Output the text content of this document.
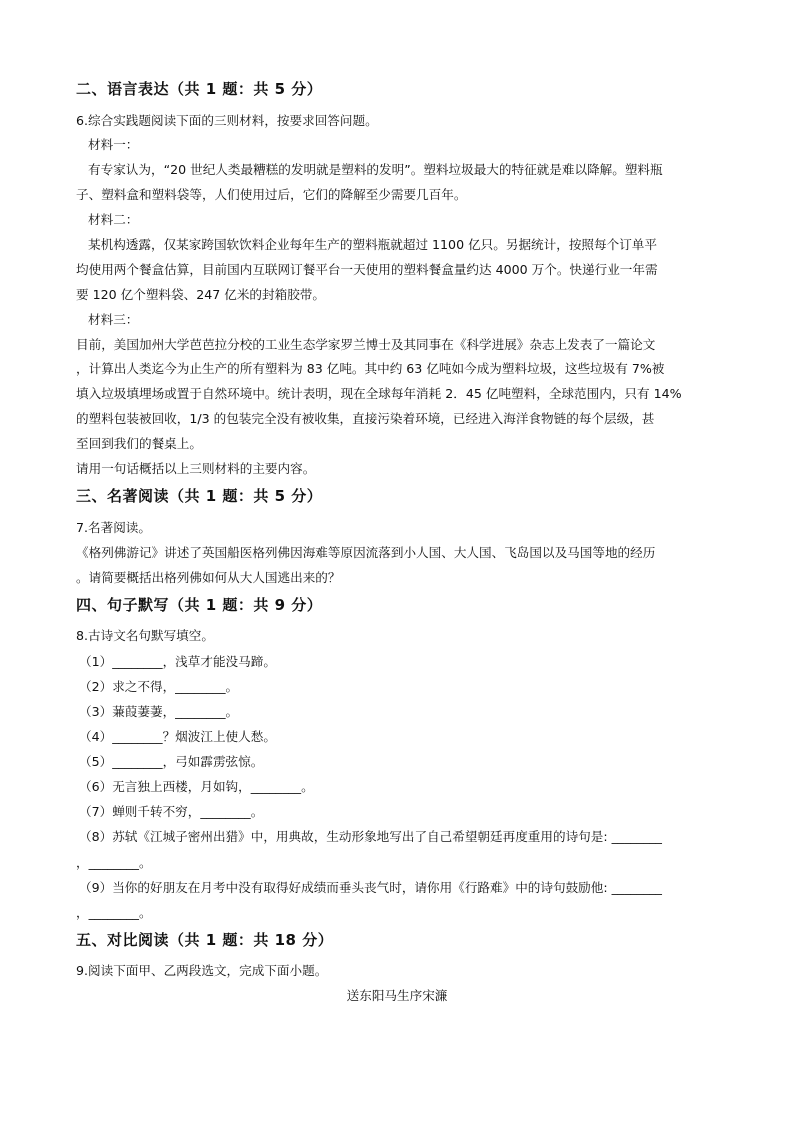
二、语言表达（共 1 题：共 5 分）
6.综合实践题阅读下面的三则材料，按要求回答问题。
材料一：
有专家认为，“20 世纪人类最糟糕的发明就是塑料的发明”。塑料垃圾最大的特征就是难以降解。塑料瓶
子、塑料盒和塑料袋等，人们使用过后，它们的降解至少需要几百年。
材料二：
某机构透露，仅某家跨国软饮料企业每年生产的塑料瓶就超过 1100 亿只。另据统计，按照每个订单平
均使用两个餐盒估算，目前国内互联网订餐平台一天使用的塑料餐盒量约达 4000 万个。快递行业一年需
要 120 亿个塑料袋、247 亿米的封箱胶带。
材料三：
目前，美国加州大学芭芭拉分校的工业生态学家罗兰博士及其同事在《科学进展》杂志上发表了一篇论文
，计算出人类迄今为止生产的所有塑料为 83 亿吨。其中约 63 亿吨如今成为塑料垃圾，这些垃圾有 7%被
填入垃圾填埋场或置于自然环境中。统计表明，现在全球每年消耗 2．45 亿吨塑料，全球范围内，只有 14%
的塑料包装被回收，1/3 的包装完全没有被收集，直接污染着环境，已经进入海洋食物链的每个层级，甚
至回到我们的餐桌上。
请用一句话概括以上三则材料的主要内容。
三、名著阅读（共 1 题：共 5 分）
7.名著阅读。
《格列佛游记》讲述了英国船医格列佛因海难等原因流落到小人国、大人国、飞岛国以及马国等地的经历
。请简要概括出格列佛如何从大人国逃出来的？
四、句子默写（共 1 题：共 9 分）
8.古诗文名句默写填空。
（1）________，浅草才能没马蹄。
（2）求之不得，________。
（3）蒹葭萋萋，________。
（4）________？烟波江上使人愁。
（5）________，弓如霹雳弦惊。
（6）无言独上西楼，月如钩，________。
（7）蝉则千转不穷，________。
（8）苏轼《江城子密州出猎》中，用典故，生动形象地写出了自己希望朝廷再度重用的诗句是: ________
，________。
（9）当你的好朋友在月考中没有取得好成绩而垂头丧气时，请你用《行路难》中的诗句鼓励他: ________
，________。
五、对比阅读（共 1 题：共 18 分）
9.阅读下面甲、乙两段选文，完成下面小题。
送东阳马生序宋濂
